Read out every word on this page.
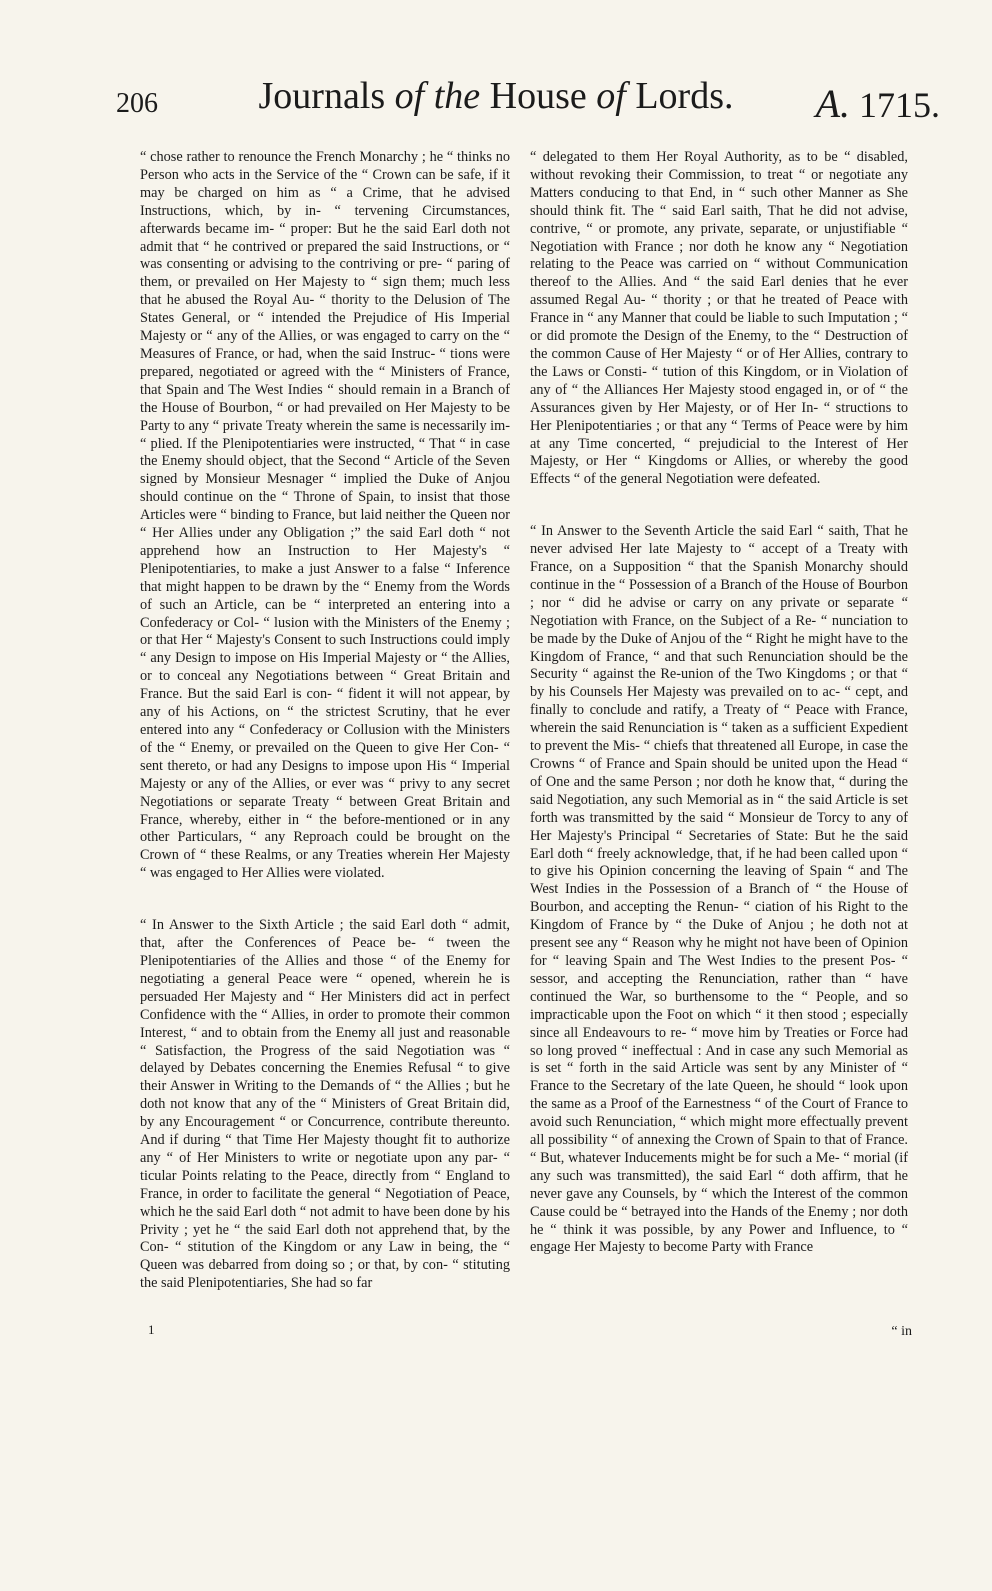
206	Journals of the House of Lords.	A. 1715.

“ chose rather to renounce the French Monarchy ; he “ thinks no Person who acts in the Service of the “ Crown can be safe, if it may be charged on him as “ a Crime, that he advised Instructions, which, by in- “ tervening Circumstances, afterwards became im- “ proper: But he the said Earl doth not admit that “ he contrived or prepared the said Instructions, or “ was consenting or advising to the contriving or pre- “ paring of them, or prevailed on Her Majesty to “ sign them; much less that he abused the Royal Au- “ thority to the Delusion of The States General, or “ intended the Prejudice of His Imperial Majesty or “ any of the Allies, or was engaged to carry on the “ Measures of France, or had, when the said Instruc- “ tions were prepared, negotiated or agreed with the “ Ministers of France, that Spain and The West Indies “ should remain in a Branch of the House of Bourbon, “ or had prevailed on Her Majesty to be Party to any “ private Treaty wherein the same is necessarily im- “ plied. If the Plenipotentiaries were instructed, “ That “ in case the Enemy should object, that the Second “ Article of the Seven signed by Monsieur Mesnager “ implied the Duke of Anjou should continue on the “ Throne of Spain, to insist that those Articles were “ binding to France, but laid neither the Queen nor “ Her Allies under any Obligation ;” the said Earl doth “ not apprehend how an Instruction to Her Majesty's “ Plenipotentiaries, to make a just Answer to a false “ Inference that might happen to be drawn by the “ Enemy from the Words of such an Article, can be “ interpreted an entering into a Confederacy or Col- “ lusion with the Ministers of the Enemy ; or that Her “ Majesty's Consent to such Instructions could imply “ any Design to impose on His Imperial Majesty or “ the Allies, or to conceal any Negotiations between “ Great Britain and France. But the said Earl is con- “ fident it will not appear, by any of his Actions, on “ the strictest Scrutiny, that he ever entered into any “ Confederacy or Collusion with the Ministers of the “ Enemy, or prevailed on the Queen to give Her Con- “ sent thereto, or had any Designs to impose upon His “ Imperial Majesty or any of the Allies, or ever was “ privy to any secret Negotiations or separate Treaty “ between Great Britain and France, whereby, either in “ the before-mentioned or in any other Particulars, “ any Reproach could be brought on the Crown of “ these Realms, or any Treaties wherein Her Majesty “ was engaged to Her Allies were violated.

“ In Answer to the Sixth Article ; the said Earl doth “ admit, that, after the Conferences of Peace be- “ tween the Plenipotentiaries of the Allies and those “ of the Enemy for negotiating a general Peace were “ opened, wherein he is persuaded Her Majesty and “ Her Ministers did act in perfect Confidence with the “ Allies, in order to promote their common Interest, “ and to obtain from the Enemy all just and reasonable “ Satisfaction, the Progress of the said Negotiation was “ delayed by Debates concerning the Enemies Refusal “ to give their Answer in Writing to the Demands of “ the Allies ; but he doth not know that any of the “ Ministers of Great Britain did, by any Encouragement “ or Concurrence, contribute thereunto. And if during “ that Time Her Majesty thought fit to authorize any “ of Her Ministers to write or negotiate upon any par- “ ticular Points relating to the Peace, directly from “ England to France, in order to facilitate the general “ Negotiation of Peace, which he the said Earl doth “ not admit to have been done by his Privity ; yet he “ the said Earl doth not apprehend that, by the Con- “ stitution of the Kingdom or any Law in being, the “ Queen was debarred from doing so ; or that, by con- “ stituting the said Plenipotentiaries, She had so far

“ delegated to them Her Royal Authority, as to be “ disabled, without revoking their Commission, to treat “ or negotiate any Matters conducing to that End, in “ such other Manner as She should think fit. The “ said Earl saith, That he did not advise, contrive, “ or promote, any private, separate, or unjustifiable “ Negotiation with France ; nor doth he know any “ Negotiation relating to the Peace was carried on “ without Communication thereof to the Allies. And “ the said Earl denies that he ever assumed Regal Au- “ thority ; or that he treated of Peace with France in “ any Manner that could be liable to such Imputation ; “ or did promote the Design of the Enemy, to the “ Destruction of the common Cause of Her Majesty “ or of Her Allies, contrary to the Laws or Consti- “ tution of this Kingdom, or in Violation of any of “ the Alliances Her Majesty stood engaged in, or of “ the Assurances given by Her Majesty, or of Her In- “ structions to Her Plenipotentiaries ; or that any “ Terms of Peace were by him at any Time concerted, “ prejudicial to the Interest of Her Majesty, or Her “ Kingdoms or Allies, or whereby the good Effects “ of the general Negotiation were defeated.

“ In Answer to the Seventh Article the said Earl “ saith, That he never advised Her late Majesty to “ accept of a Treaty with France, on a Supposition “ that the Spanish Monarchy should continue in the “ Possession of a Branch of the House of Bourbon ; nor “ did he advise or carry on any private or separate “ Negotiation with France, on the Subject of a Re- “ nunciation to be made by the Duke of Anjou of the “ Right he might have to the Kingdom of France, “ and that such Renunciation should be the Security “ against the Re-union of the Two Kingdoms ; or that “ by his Counsels Her Majesty was prevailed on to ac- “ cept, and finally to conclude and ratify, a Treaty of “ Peace with France, wherein the said Renunciation is “ taken as a sufficient Expedient to prevent the Mis- “ chiefs that threatened all Europe, in case the Crowns “ of France and Spain should be united upon the Head “ of One and the same Person ; nor doth he know that, “ during the said Negotiation, any such Memorial as in “ the said Article is set forth was transmitted by the said “ Monsieur de Torcy to any of Her Majesty's Principal “ Secretaries of State: But he the said Earl doth “ freely acknowledge, that, if he had been called upon “ to give his Opinion concerning the leaving of Spain “ and The West Indies in the Possession of a Branch of “ the House of Bourbon, and accepting the Renun- “ ciation of his Right to the Kingdom of France by “ the Duke of Anjou ; he doth not at present see any “ Reason why he might not have been of Opinion for “ leaving Spain and The West Indies to the present Pos- “ sessor, and accepting the Renunciation, rather than “ have continued the War, so burthensome to the “ People, and so impracticable upon the Foot on which “ it then stood ; especially since all Endeavours to re- “ move him by Treaties or Force had so long proved “ ineffectual : And in case any such Memorial as is set “ forth in the said Article was sent by any Minister of “ France to the Secretary of the late Queen, he should “ look upon the same as a Proof of the Earnestness “ of the Court of France to avoid such Renunciation, “ which might more effectually prevent all possibility “ of annexing the Crown of Spain to that of France. “ But, whatever Inducements might be for such a Me- “ morial (if any such was transmitted), the said Earl “ doth affirm, that he never gave any Counsels, by “ which the Interest of the common Cause could be “ betrayed into the Hands of the Enemy ; nor doth he “ think it was possible, by any Power and Influence, to “ engage Her Majesty to become Party with France

1	“ in
